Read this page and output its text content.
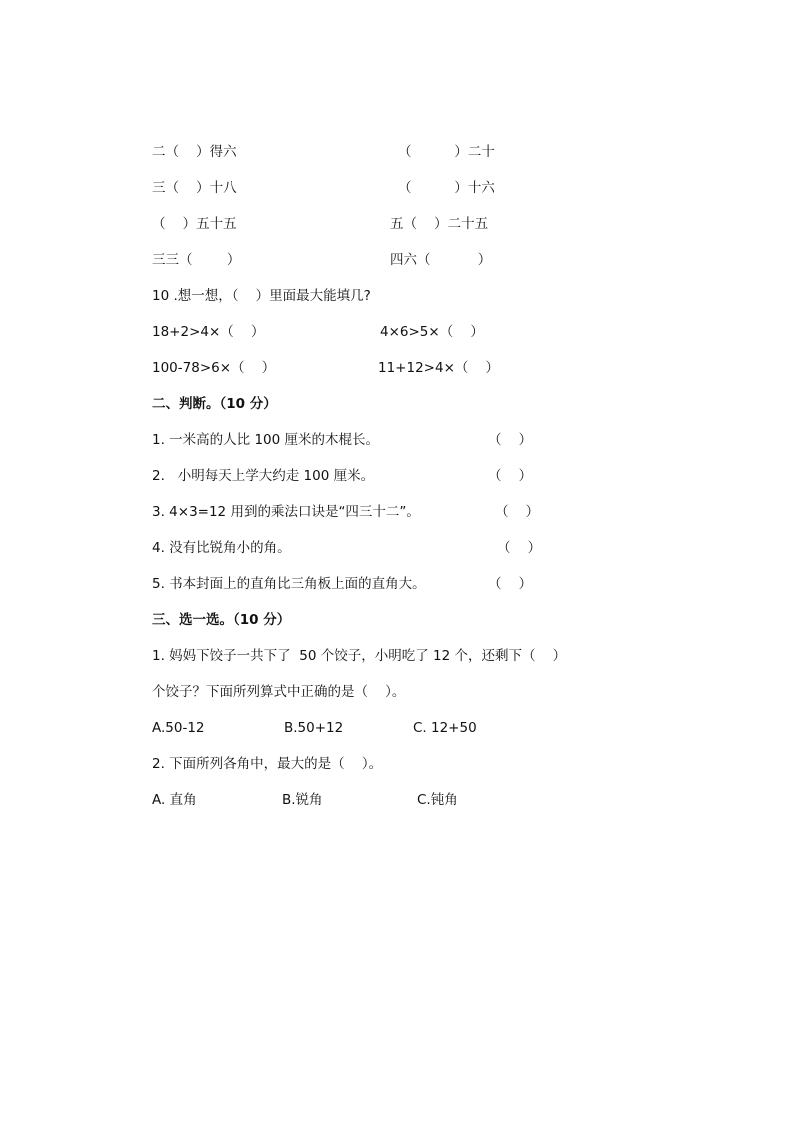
二（    ）得六	（          ）二十
三（    ）十八	（          ）十六
（    ）五十五	五（    ）二十五
三三（        ）	四六（           ）
10 .想一想，（    ）里面最大能填几?
18+2>4×（    ）	4×6>5×（    ）
100-78>6×（    ）	11+12>4×（    ）
二、判断。（10 分）
1. 一米高的人比 100 厘米的木棍长。	（    ）
2.   小明每天上学大约走 100 厘米。	（    ）
3. 4×3=12 用到的乘法口诀是“四三十二”。	（    ）
4. 没有比锐角小的角。	（    ）
5. 书本封面上的直角比三角板上面的直角大。	（    ）
三、选一选。（10 分）
1. 妈妈下饺子一共下了  50 个饺子，小明吃了 12 个，还剩下（    ）
个饺子？下面所列算式中正确的是（    ）。
A.50-12	B.50+12	C. 12+50
2. 下面所列各角中，最大的是（    ）。
A. 直角	B.锐角	C.钝角
